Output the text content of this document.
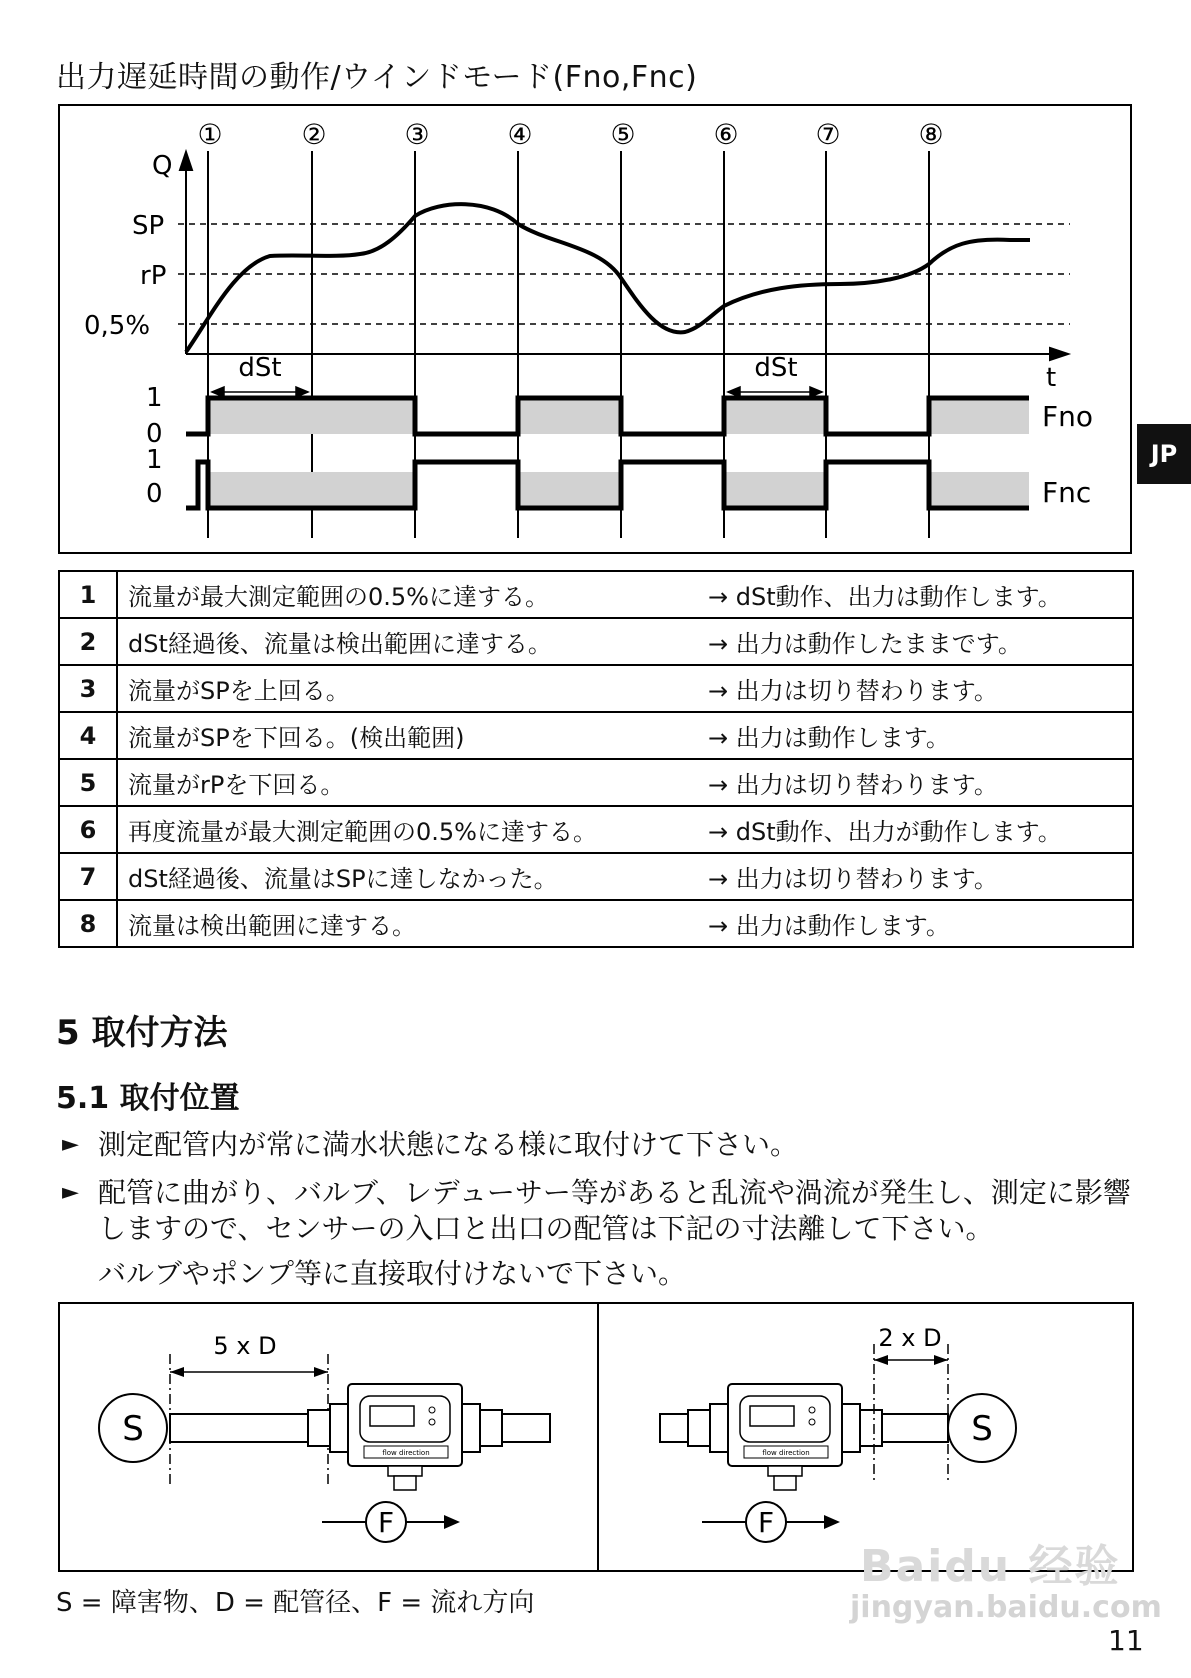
出力遅延時間の動作/ウインドモード(Fno,Fnc)
①	②	③	④	⑤	⑥	⑦	⑧
Q
t
SP
rP
0,5%
dSt	dSt
1
0
Fno
1
0	Fnc
JP
1	流量が最大測定範囲の0.5%に達する。	→ dSt動作、出力は動作します。
2	dSt経過後、流量は検出範囲に達する。	→ 出力は動作したままです。
3	流量がSPを上回る。	→ 出力は切り替わります。
4	流量がSPを下回る。(検出範囲)	→ 出力は動作します。
5	流量がrPを下回る。	→ 出力は切り替わります。
6	再度流量が最大測定範囲の0.5%に達する。	→ dSt動作、出力が動作します。
7	dSt経過後、流量はSPに達しなかった。	→ 出力は切り替わります。
8	流量は検出範囲に達する。	→ 出力は動作します。
5 取付方法
5.1 取付位置
► 測定配管内が常に満水状態になる様に取付けて下さい。
► 配管に曲がり、バルブ、レデューサー等があると乱流や渦流が発生し、測定に影響しますので、センサーの入口と出口の配管は下記の寸法離して下さい。
バルブやポンプ等に直接取付けないで下さい。
S
5 x D
flow direction
F
flow direction
2 x D
S
F
S = 障害物、D = 配管径、F = 流れ方向
Baidu 经验
jingyan.baidu.com
11
